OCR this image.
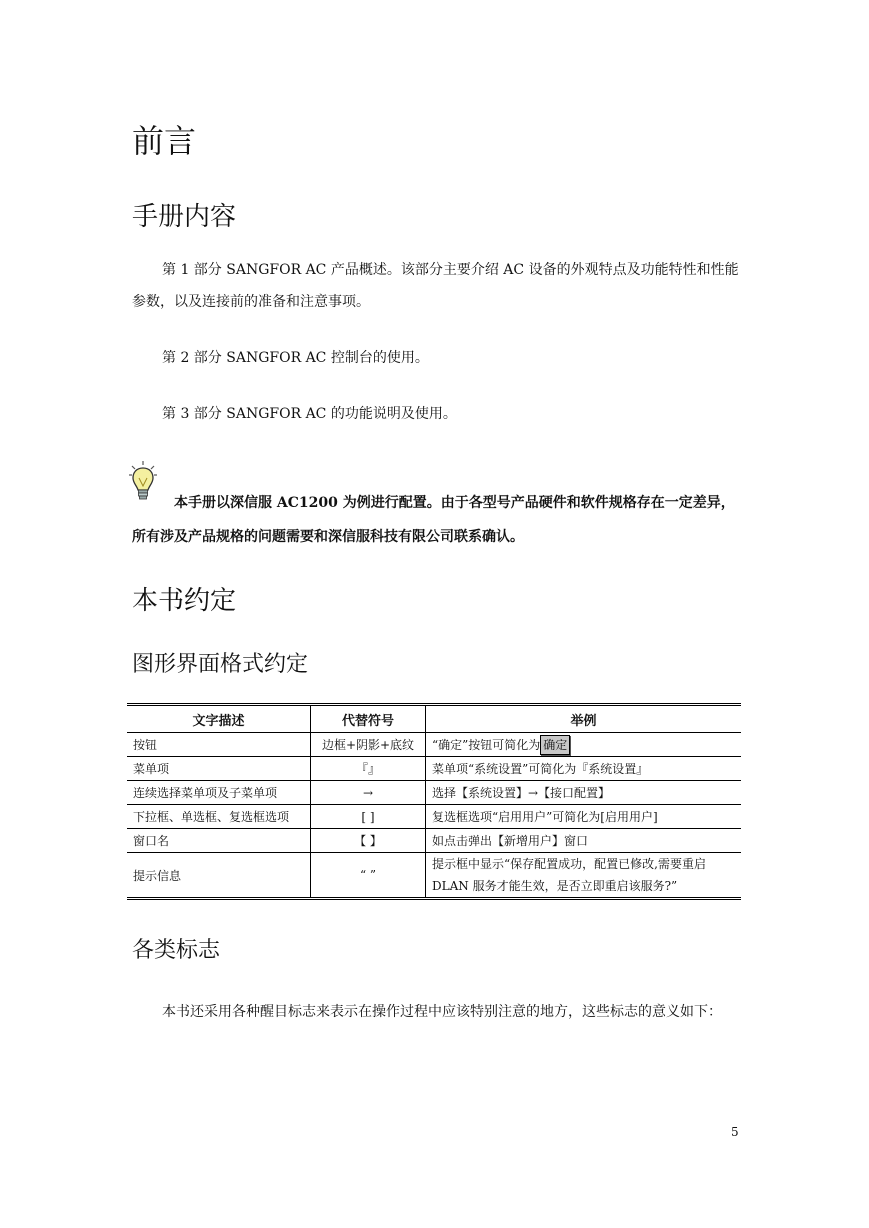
前言
手册内容

第 1 部分 SANGFOR AC 产品概述。该部分主要介绍 AC 设备的外观特点及功能特性和性能参数，以及连接前的准备和注意事项。

第 2 部分 SANGFOR AC 控制台的使用。

第 3 部分 SANGFOR AC 的功能说明及使用。

本手册以深信服 AC1200 为例进行配置。由于各型号产品硬件和软件规格存在一定差异，所有涉及产品规格的问题需要和深信服科技有限公司联系确认。

本书约定
图形界面格式约定
文字描述	代替符号	举例
按钮	边框+阴影+底纹	“确定”按钮可简化为 确定
菜单项	『』	菜单项“系统设置”可简化为『系统设置』
连续选择菜单项及子菜单项	→	选择【系统设置】→【接口配置】
下拉框、单选框、复选框选项	[ ]	复选框选项“启用用户”可简化为[启用用户]
窗口名	【 】	如点击弹出【新增用户】窗口
提示信息	“ ”	提示框中显示“保存配置成功，配置已修改,需要重启 DLAN 服务才能生效，是否立即重启该服务?”
各类标志

本书还采用各种醒目标志来表示在操作过程中应该特别注意的地方，这些标志的意义如下：

5
